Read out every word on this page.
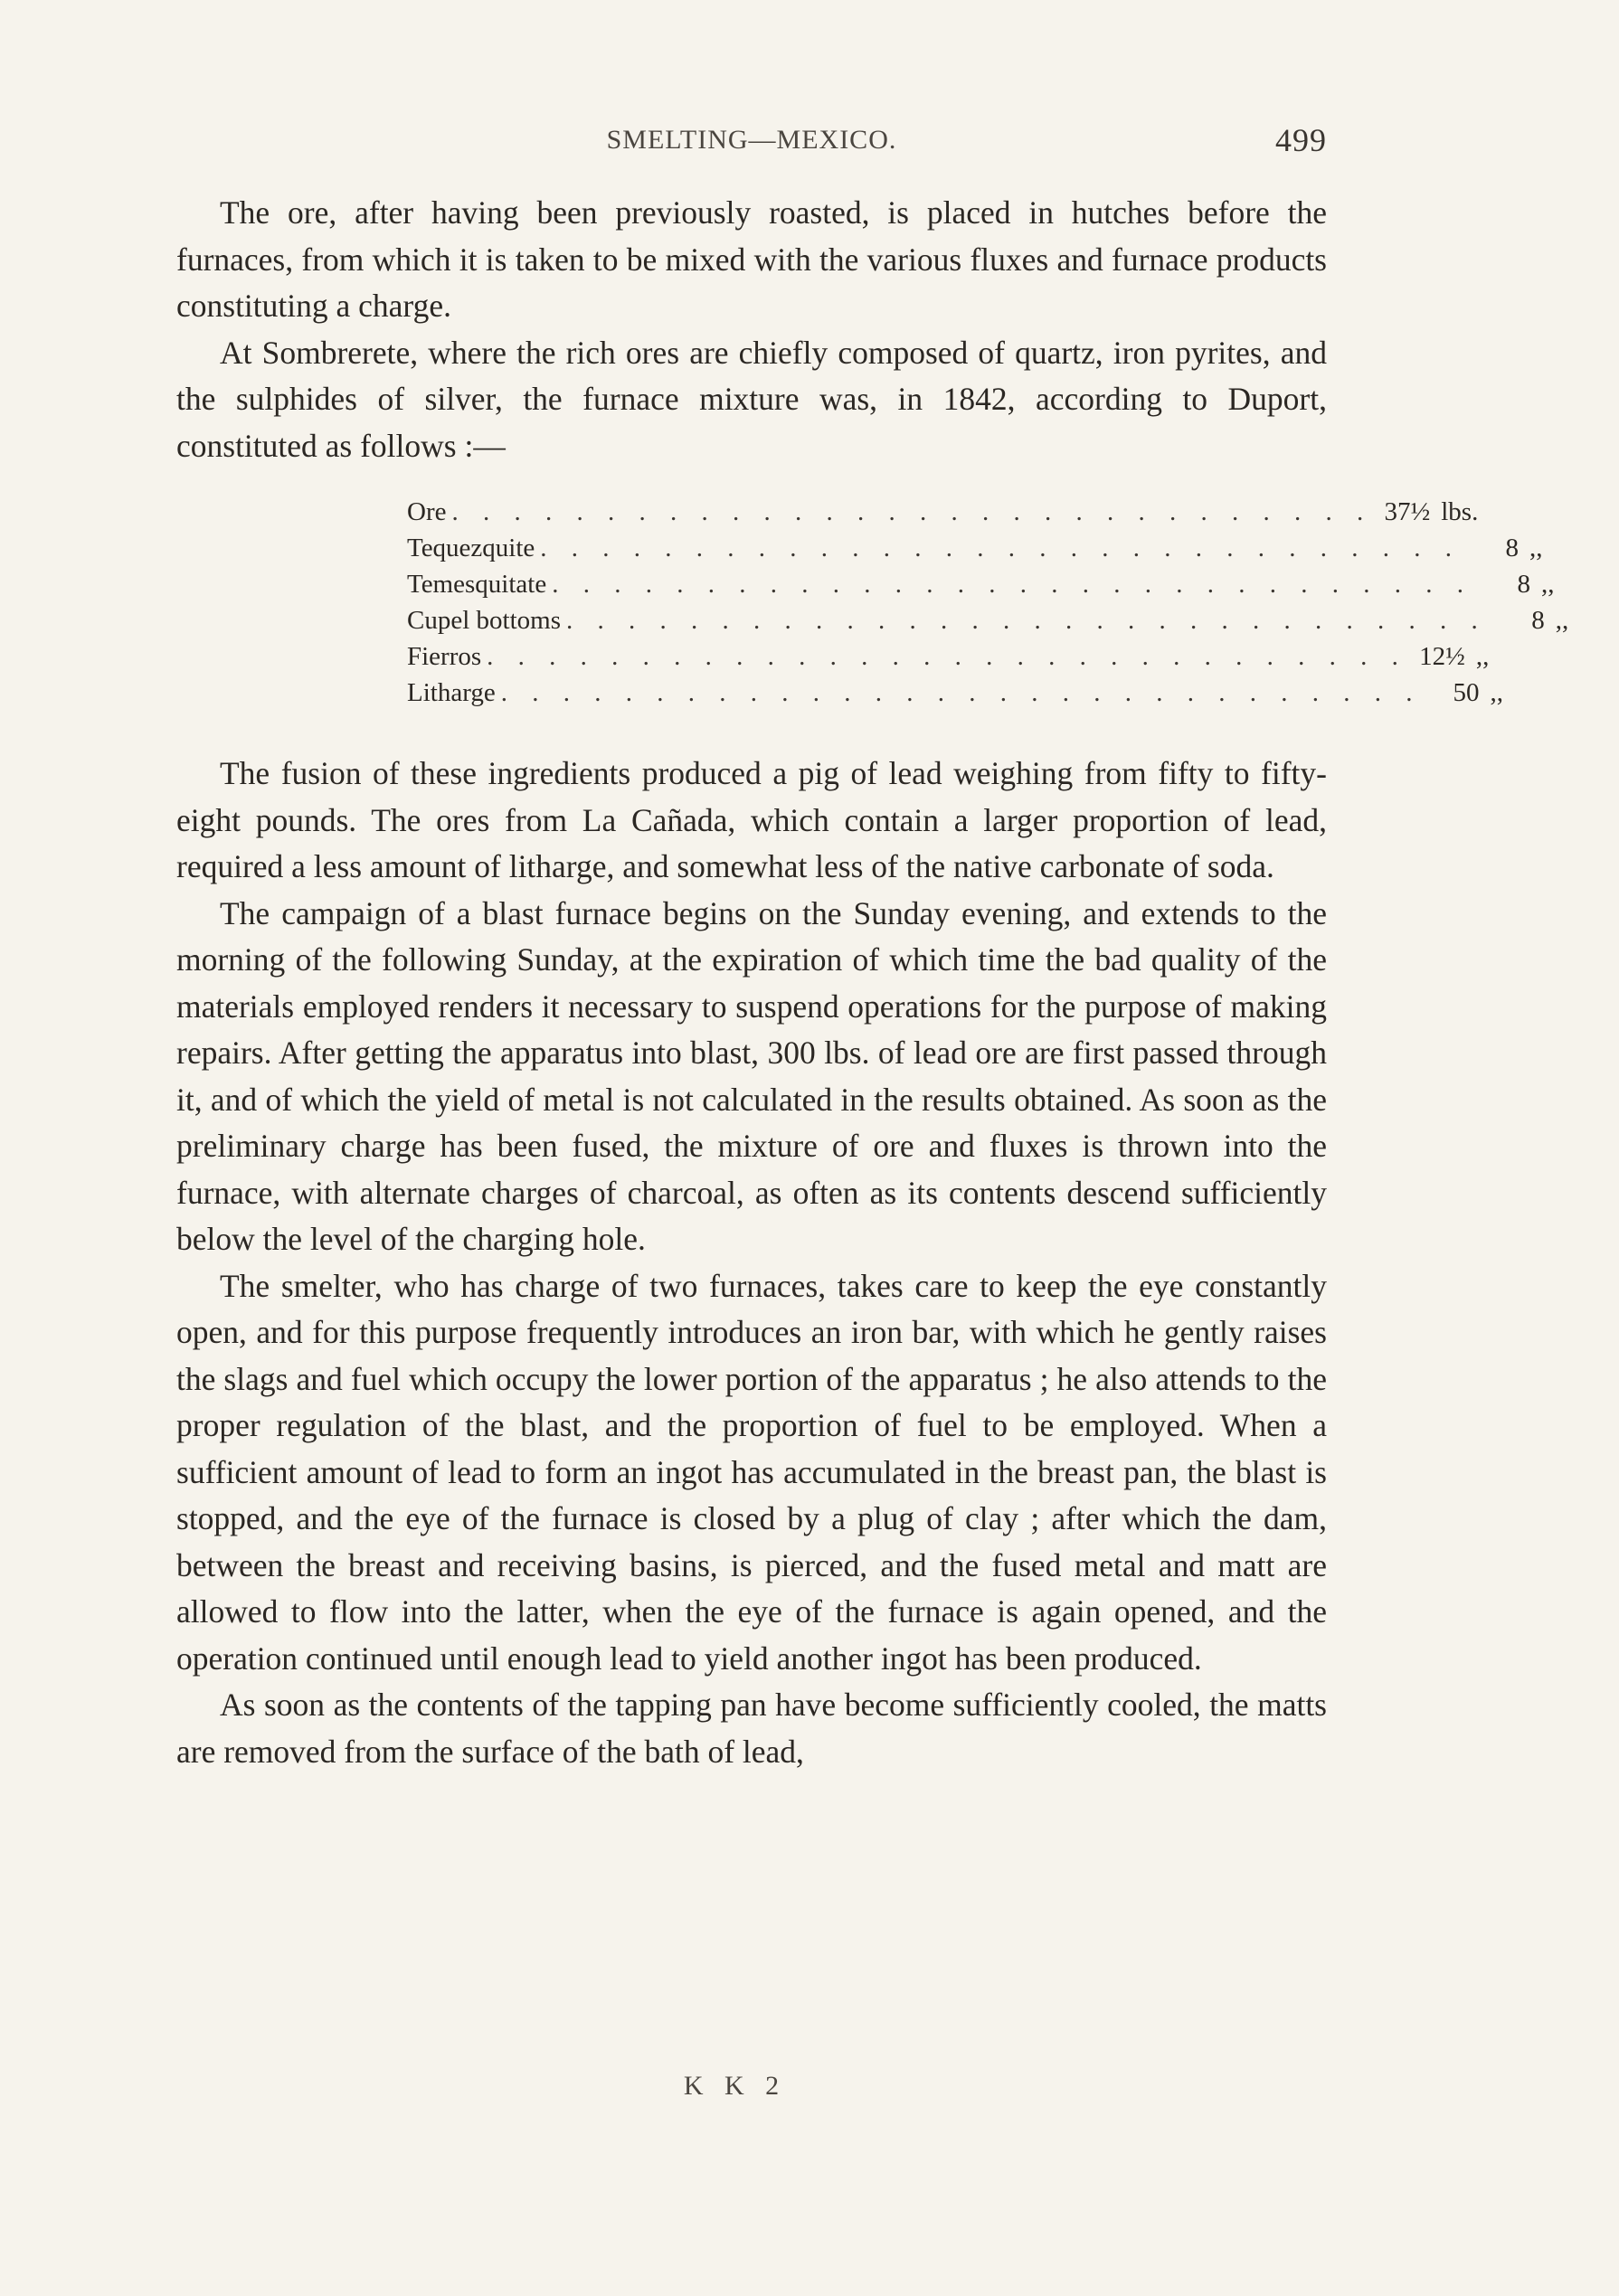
SMELTING—MEXICO.	499

The ore, after having been previously roasted, is placed in hutches before the furnaces, from which it is taken to be mixed with the various fluxes and furnace products constituting a charge.

At Sombrerete, where the rich ores are chiefly composed of quartz, iron pyrites, and the sulphides of silver, the furnace mixture was, in 1842, according to Duport, constituted as follows :—

Ore . . . . . . . . . . . . . . . . . . . . . . . . . . . . . . 37½ lbs.
Tequezquite . . . . . . . . . . . . . . . . . . . . . . . . . . . . . .	8 ,,
Temesquitate . . . . . . . . . . . . . . . . . . . . . . . . . . . . . .	8 ,,
Cupel bottoms . . . . . . . . . . . . . . . . . . . . . . . . . . . . . .	8 ,,
Fierros . . . . . . . . . . . . . . . . . . . . . . . . . . . . . . 12½ ,,
Litharge . . . . . . . . . . . . . . . . . . . . . . . . . . . . . .	50 ,,

The fusion of these ingredients produced a pig of lead weighing from fifty to fifty-eight pounds. The ores from La Cañada, which contain a larger proportion of lead, required a less amount of litharge, and somewhat less of the native carbonate of soda.

The campaign of a blast furnace begins on the Sunday evening, and extends to the morning of the following Sunday, at the expiration of which time the bad quality of the materials employed renders it necessary to suspend operations for the purpose of making repairs. After getting the apparatus into blast, 300 lbs. of lead ore are first passed through it, and of which the yield of metal is not calculated in the results obtained. As soon as the preliminary charge has been fused, the mixture of ore and fluxes is thrown into the furnace, with alternate charges of charcoal, as often as its contents descend sufficiently below the level of the charging hole.

The smelter, who has charge of two furnaces, takes care to keep the eye constantly open, and for this purpose frequently introduces an iron bar, with which he gently raises the slags and fuel which occupy the lower portion of the apparatus ; he also attends to the proper regulation of the blast, and the proportion of fuel to be employed. When a sufficient amount of lead to form an ingot has accumulated in the breast pan, the blast is stopped, and the eye of the furnace is closed by a plug of clay ; after which the dam, between the breast and receiving basins, is pierced, and the fused metal and matt are allowed to flow into the latter, when the eye of the furnace is again opened, and the operation continued until enough lead to yield another ingot has been produced.

As soon as the contents of the tapping pan have become sufficiently cooled, the matts are removed from the surface of the bath of lead,

K K 2
